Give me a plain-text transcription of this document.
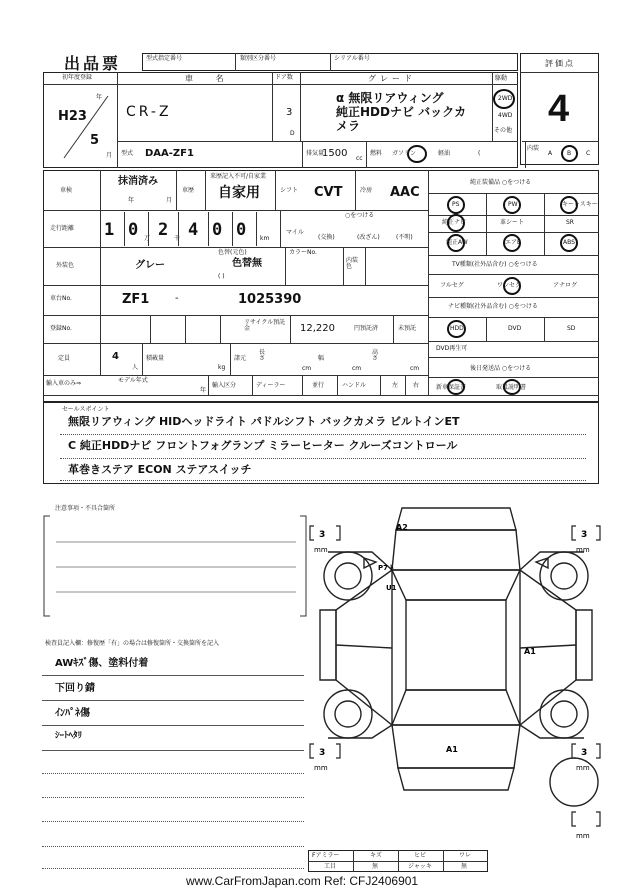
出品票	型式指定番号	類別区分番号	シリアル番号
評価点
4
初年度登録
H23
年
5
月
車 名
CR-Z
ドア数
3
D
グレード
α 無限リアウィング
純正HDDナビ バックカ
メラ
駆動
2WD
4WD
その他
型式 DAA-ZF1	排気量
1500 cc
燃料 ガソリン	軽油	(
内装
A B C
車検
抹消済み
年	月
車歴
来歴記入不可/自家業
自家用	シフト CVT	冷房 AAC
走行距離 1 0 万 2 千 4 0 0 km
○をつける
マイル
(交換)	(改ざん)	(不明)
外装色	グレー
色替(元色)
色替無
( )
カラーNo.
内装色
車台No.	ZF1	-	1025390
登録No.
リサイクル預託金	12,220	円預託済	未預託
定員	4
人
積載量
kg
諸元
長さ
cm
幅
cm
高さ
cm
輸入車のみ⇒	モデル年式
年
輸入区分	ディーラー	並行	ハンドル	左 右
純正装備品 ○をつける
PS	PW	キーレスキー
純正ナビ	革シート	SR
純正AW	エアB	ABS
TV種類(社外品含む) ○をつける
フルセグ	ワンセグ	アナログ
ナビ種類(社外品含む) ○をつける
HDD	DVD	SD
DVD再生可
後日発送品 ○をつける
新車保証書	取扱説明書
セールスポイント
無限リアウィング HIDヘッドライト パドルシフト バックカメラ ビルトインET
C 純正HDDナビ フロントフォグランプ ミラーヒーター クルーズコントロール
革巻きステア ECON ステアスイッチ
注意事項・不具合箇所
検査員記入欄：修復歴「有」の場合は修復箇所・交換箇所を記入
AWｷｽﾞ傷、塗料付着
下回り錆
ｲﾝﾊﾟﾈ傷
ｼｰﾄﾍﾀﾘ
3
mm
3
mm
3
mm
3
mm
mm
A2
P7ト
U1
A1
A1
Fアミラー	キズ	ヒビ	ワレ
工目	無	ジャッキ	無
www.CarFromJapan.com Ref: CFJ2406901
